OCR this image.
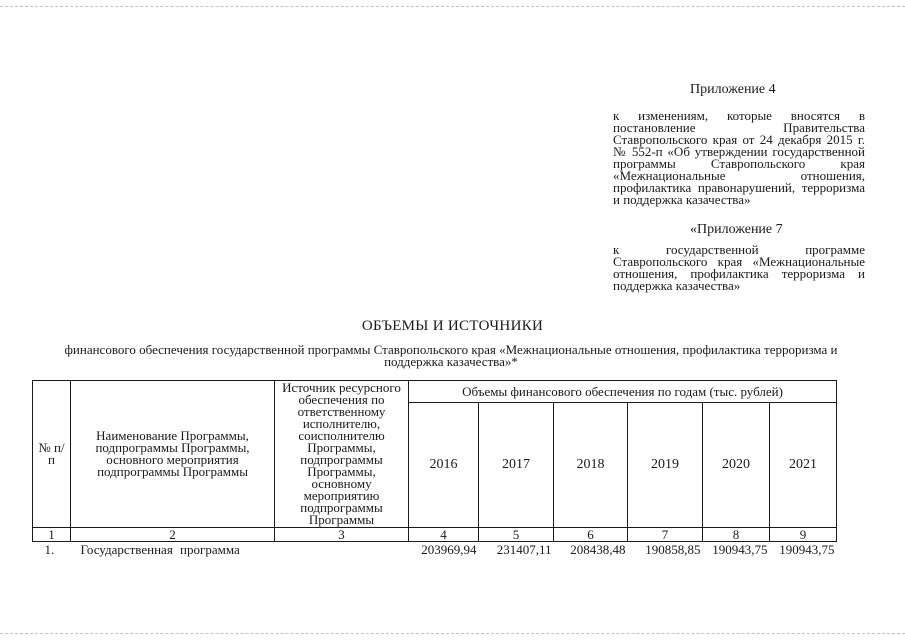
Приложение 4
к изменениям, которые вносятся в постановление Правительства Ставропольского края от 24 декабря 2015 г. № 552-п «Об утверждении государственной программы Ставропольского края «Межнациональные отношения, профилактика правонарушений, терроризма и поддержка казачества»
«Приложение 7
к государственной программе Ставропольского края «Межнациональные отношения, профилактика терроризма и поддержка казачества»
ОБЪЕМЫ И ИСТОЧНИКИ
финансового обеспечения государственной программы Ставропольского края «Межнациональные отношения, профилактика терроризма и поддержка казачества»*
№ п/п	Наименование Программы, подпрограммы Программы, основного мероприятия подпрограммы Программы	Источник ресурсного обеспечения по ответственному исполнителю, соисполнителю Программы, подпрограммы Программы, основному мероприятию подпрограммы Программы	Объемы финансового обеспечения по годам (тыс. рублей)					
			2016	2017	2018	2019	2020	2021
1	2	3	4	5	6	7	8	9
1.	Государственная программа		203969,94	231407,11	208438,48	190858,85	190943,75	190943,75
